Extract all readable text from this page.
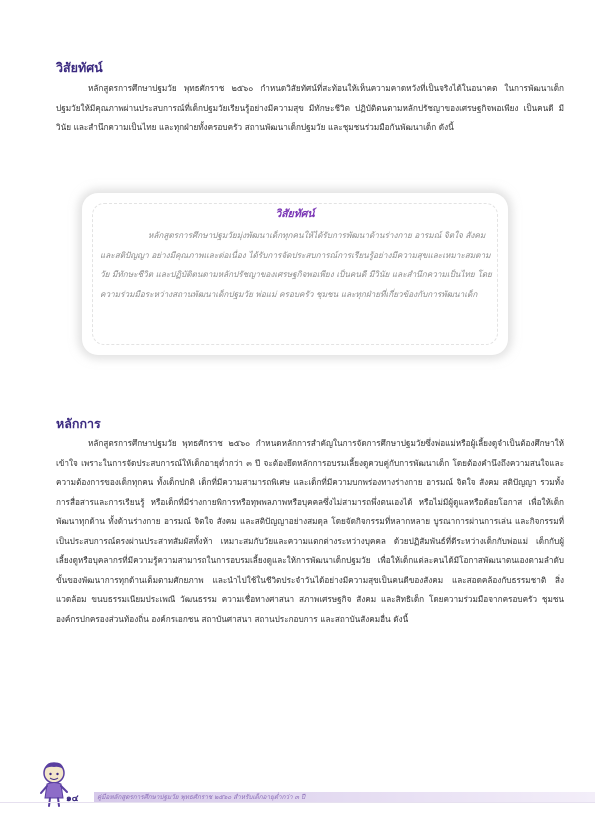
วิสัยทัศน์
หลักสูตรการศึกษาปฐมวัย พุทธศักราช ๒๕๖๐ กำหนดวิสัยทัศน์ที่สะท้อนให้เห็นความคาดหวังที่เป็นจริงได้ในอนาคต ในการพัฒนาเด็กปฐมวัยให้มีคุณภาพผ่านประสบการณ์ที่เด็กปฐมวัยเรียนรู้อย่างมีความสุข มีทักษะชีวิต ปฏิบัติตนตามหลักปรัชญาของเศรษฐกิจพอเพียง เป็นคนดี มีวินัย และสำนึกความเป็นไทย และทุกฝ่ายทั้งครอบครัว สถานพัฒนาเด็กปฐมวัย และชุมชนร่วมมือกันพัฒนาเด็ก ดังนี้
วิสัยทัศน์
หลักสูตรการศึกษาปฐมวัยมุ่งพัฒนาเด็กทุกคนให้ได้รับการพัฒนาด้านร่างกาย อารมณ์ จิตใจ สังคม และสติปัญญา อย่างมีคุณภาพและต่อเนื่อง ได้รับการจัดประสบการณ์การเรียนรู้อย่างมีความสุขและเหมาะสมตามวัย มีทักษะชีวิต และปฏิบัติตนตามหลักปรัชญาของเศรษฐกิจพอเพียง เป็นคนดี มีวินัย และสำนึกความเป็นไทย โดยความร่วมมือระหว่างสถานพัฒนาเด็กปฐมวัย พ่อแม่ ครอบครัว ชุมชน และทุกฝ่ายที่เกี่ยวข้องกับการพัฒนาเด็ก
หลักการ
หลักสูตรการศึกษาปฐมวัย พุทธศักราช ๒๕๖๐ กำหนดหลักการสำคัญในการจัดการศึกษาปฐมวัยซึ่งพ่อแม่หรือผู้เลี้ยงดูจำเป็นต้องศึกษาให้เข้าใจ เพราะในการจัดประสบการณ์ให้เด็กอายุต่ำกว่า ๓ ปี จะต้องยึดหลักการอบรมเลี้ยงดูควบคู่กับการพัฒนาเด็ก โดยต้องคำนึงถึงความสนใจและความต้องการของเด็กทุกคน ทั้งเด็กปกติ เด็กที่มีความสามารถพิเศษ และเด็กที่มีความบกพร่องทางร่างกาย อารมณ์ จิตใจ สังคม สติปัญญา รวมทั้งการสื่อสารและการเรียนรู้ หรือเด็กที่มีร่างกายพิการหรือทุพพลภาพหรือบุคคลซึ่งไม่สามารถพึ่งตนเองได้ หรือไม่มีผู้ดูแลหรือด้อยโอกาส เพื่อให้เด็กพัฒนาทุกด้าน ทั้งด้านร่างกาย อารมณ์ จิตใจ สังคม และสติปัญญาอย่างสมดุล โดยจัดกิจกรรมที่หลากหลาย บูรณาการผ่านการเล่น และกิจกรรมที่เป็นประสบการณ์ตรงผ่านประสาทสัมผัสทั้งห้า เหมาะสมกับวัยและความแตกต่างระหว่างบุคคล ด้วยปฏิสัมพันธ์ที่ดีระหว่างเด็กกับพ่อแม่ เด็กกับผู้เลี้ยงดูหรือบุคลากรที่มีความรู้ความสามารถในการอบรมเลี้ยงดูและให้การพัฒนาเด็กปฐมวัย เพื่อให้เด็กแต่ละคนได้มีโอกาสพัฒนาตนเองตามลำดับขั้นของพัฒนาการทุกด้านเต็มตามศักยภาพ และนำไปใช้ในชีวิตประจำวันได้อย่างมีความสุขเป็นคนดีของสังคม และสอดคล้องกับธรรมชาติ สิ่งแวดล้อม ขนบธรรมเนียมประเพณี วัฒนธรรม ความเชื่อทางศาสนา สภาพเศรษฐกิจ สังคม และสิทธิเด็ก โดยความร่วมมือจากครอบครัว ชุมชน องค์กรปกครองส่วนท้องถิ่น องค์กรเอกชน สถาบันศาสนา สถานประกอบการ และสถาบันสังคมอื่น ดังนี้
๑๔	คู่มือหลักสูตรการศึกษาปฐมวัย พุทธศักราช ๒๕๖๐ สำหรับเด็กอายุต่ำกว่า ๓ ปี
